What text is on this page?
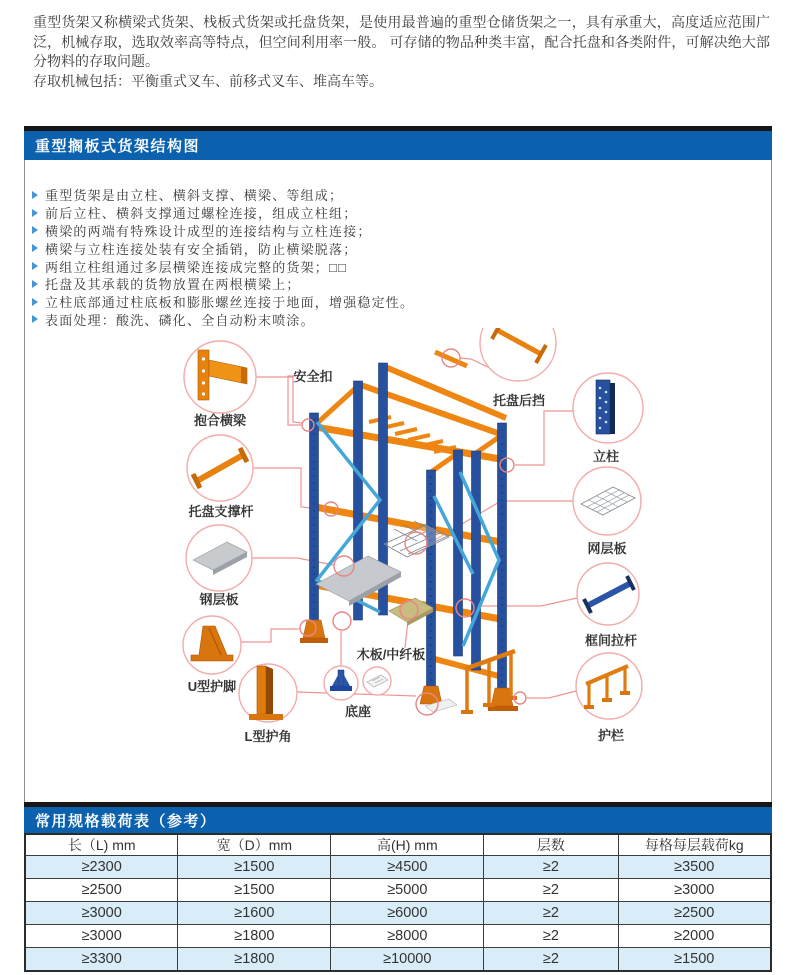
重型货架又称横梁式货架、栈板式货架或托盘货架，是使用最普遍的重型仓储货架之一，具有承重大，高度适应范围广泛，机械存取，选取效率高等特点，但空间利用率一般。 可存储的物品种类丰富，配合托盘和各类附件，可解决绝大部分物料的存取问题。

存取机械包括：平衡重式叉车、前移式叉车、堆高车等。

重型搁板式货架结构图
重型货架是由立柱、横斜支撑、横梁、等组成；
前后立柱、横斜支撑通过螺栓连接，组成立柱组；
横梁的两端有特殊设计成型的连接结构与立柱连接；
横梁与立柱连接处装有安全插销，防止横梁脱落；
两组立柱组通过多层横梁连接成完整的货架；□□
托盘及其承载的货物放置在两根横梁上；
立柱底部通过柱底板和膨胀螺丝连接于地面，增强稳定性。
表面处理：酸洗、磷化、全自动粉末喷涂。
安全扣
抱合横梁
托盘支撑杆
钢层板
U型护脚
L型护角
底座
木板/中纤板
托盘后挡
立柱
网层板
框间拉杆
护栏
常用规格载荷表（参考）
长（L) mm	宽（D）mm	高(H) mm	层数	每格每层载荷kg
≥2300	≥1500	≥4500	≥2	≥3500
≥2500	≥1500	≥5000	≥2	≥3000
≥3000	≥1600	≥6000	≥2	≥2500
≥3000	≥1800	≥8000	≥2	≥2000
≥3300	≥1800	≥10000	≥2	≥1500
